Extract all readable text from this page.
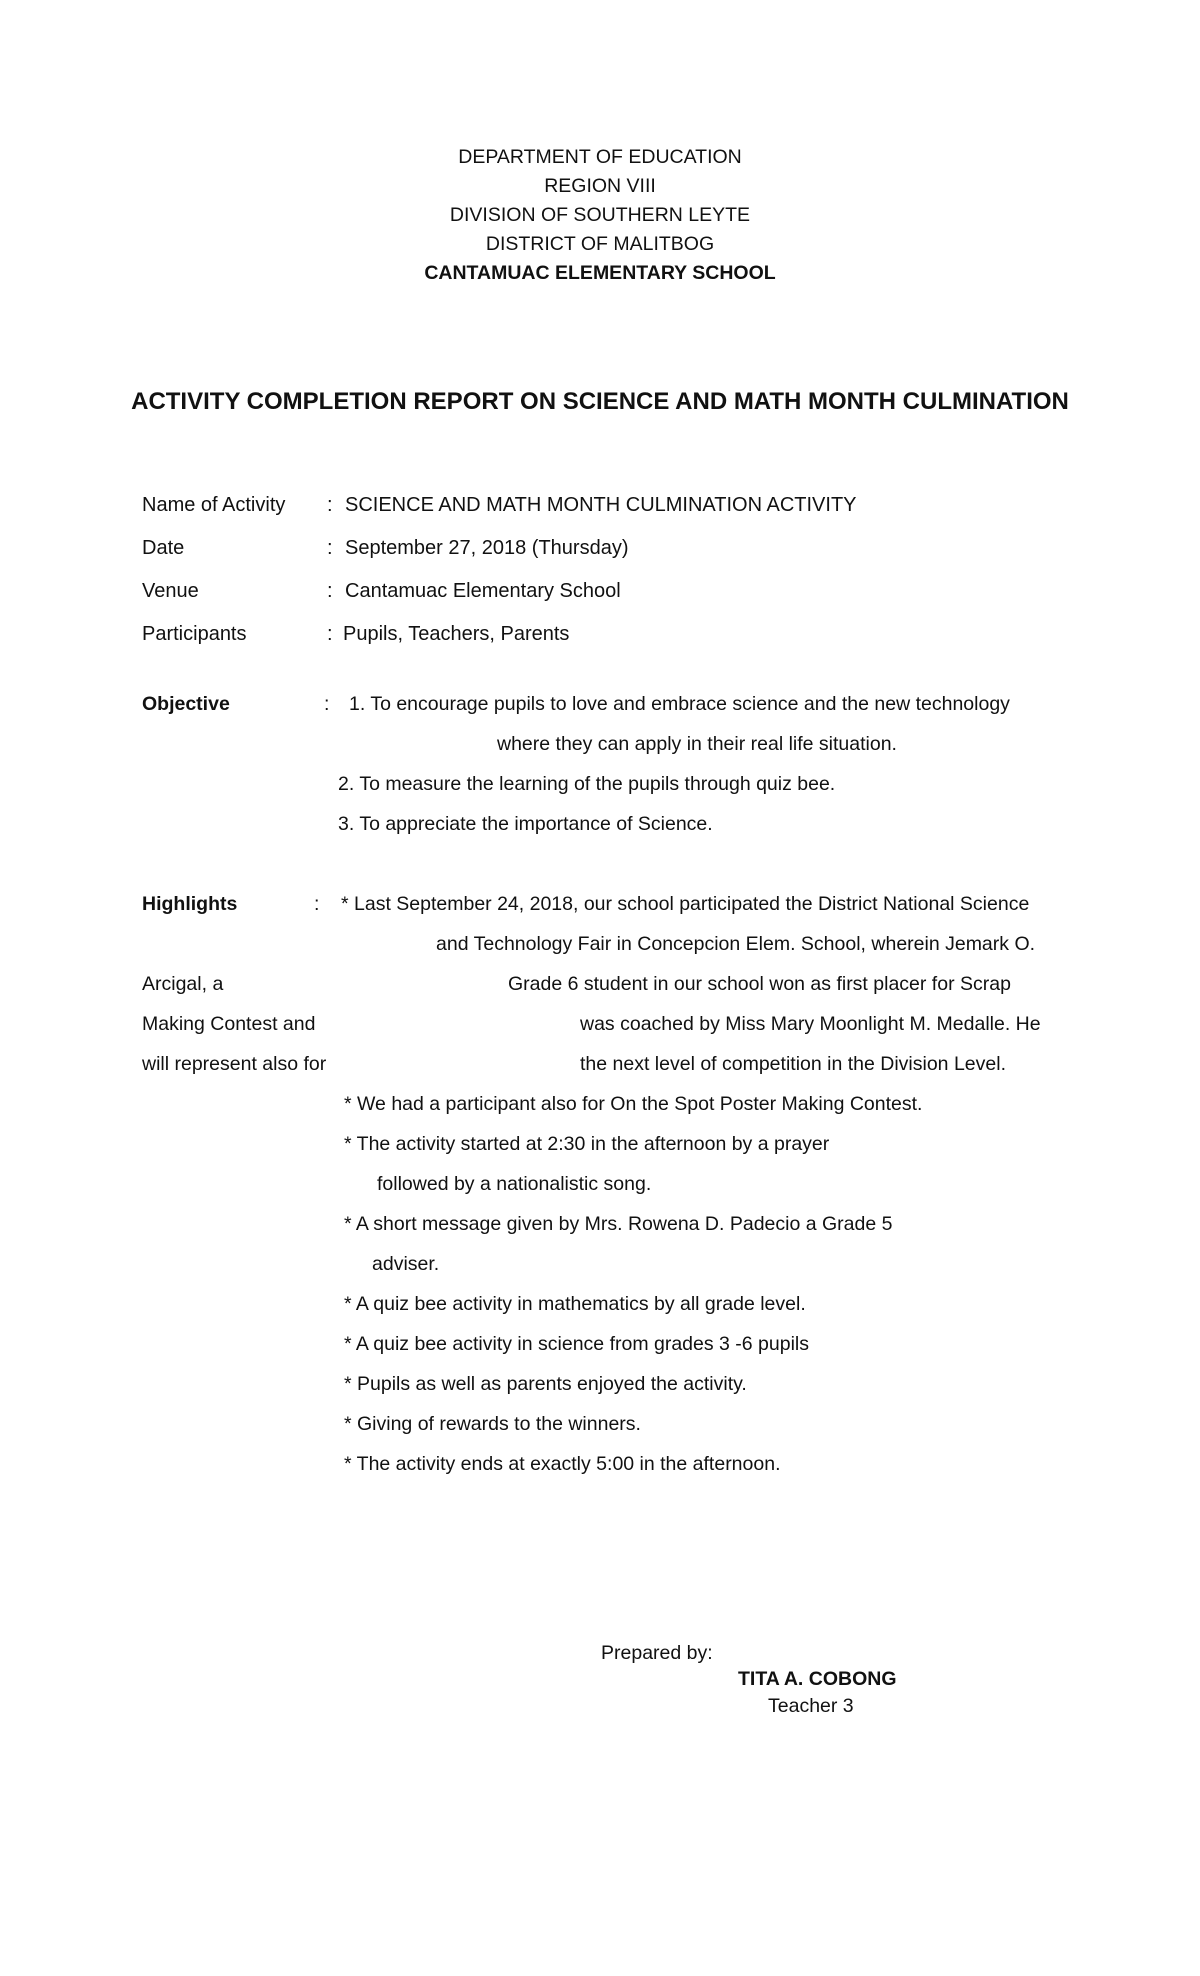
DEPARTMENT OF EDUCATION
REGION VIII
DIVISION OF SOUTHERN LEYTE
DISTRICT OF MALITBOG
CANTAMUAC ELEMENTARY SCHOOL
ACTIVITY COMPLETION REPORT ON SCIENCE AND MATH MONTH CULMINATION
Name of Activity : SCIENCE AND MATH MONTH CULMINATION ACTIVITY
Date	: September 27, 2018 (Thursday)
Venue	: Cantamuac Elementary School
Participants	: Pupils, Teachers, Parents
Objective	: 1. To encourage pupils to love and embrace science and the new technology
where they can apply in their real life situation.
2. To measure the learning of the pupils through quiz bee.
3. To appreciate the importance of Science.
Highlights	: * Last September 24, 2018, our school participated the District National Science
and Technology Fair in Concepcion Elem. School, wherein Jemark O.
Arcigal, a	Grade 6 student in our school won as first placer for Scrap
Making Contest and	was coached by Miss Mary Moonlight M. Medalle. He
will represent also for	the next level of competition in the Division Level.
* We had a participant also for On the Spot Poster Making Contest.
* The activity started at 2:30 in the afternoon by a prayer
followed by a nationalistic song.
* A short message given by Mrs. Rowena D. Padecio a Grade 5
adviser.
* A quiz bee activity in mathematics by all grade level.
* A quiz bee activity in science from grades 3 -6 pupils
* Pupils as well as parents enjoyed the activity.
* Giving of rewards to the winners.
* The activity ends at exactly 5:00 in the afternoon.
Prepared by:
TITA A. COBONG
Teacher 3
